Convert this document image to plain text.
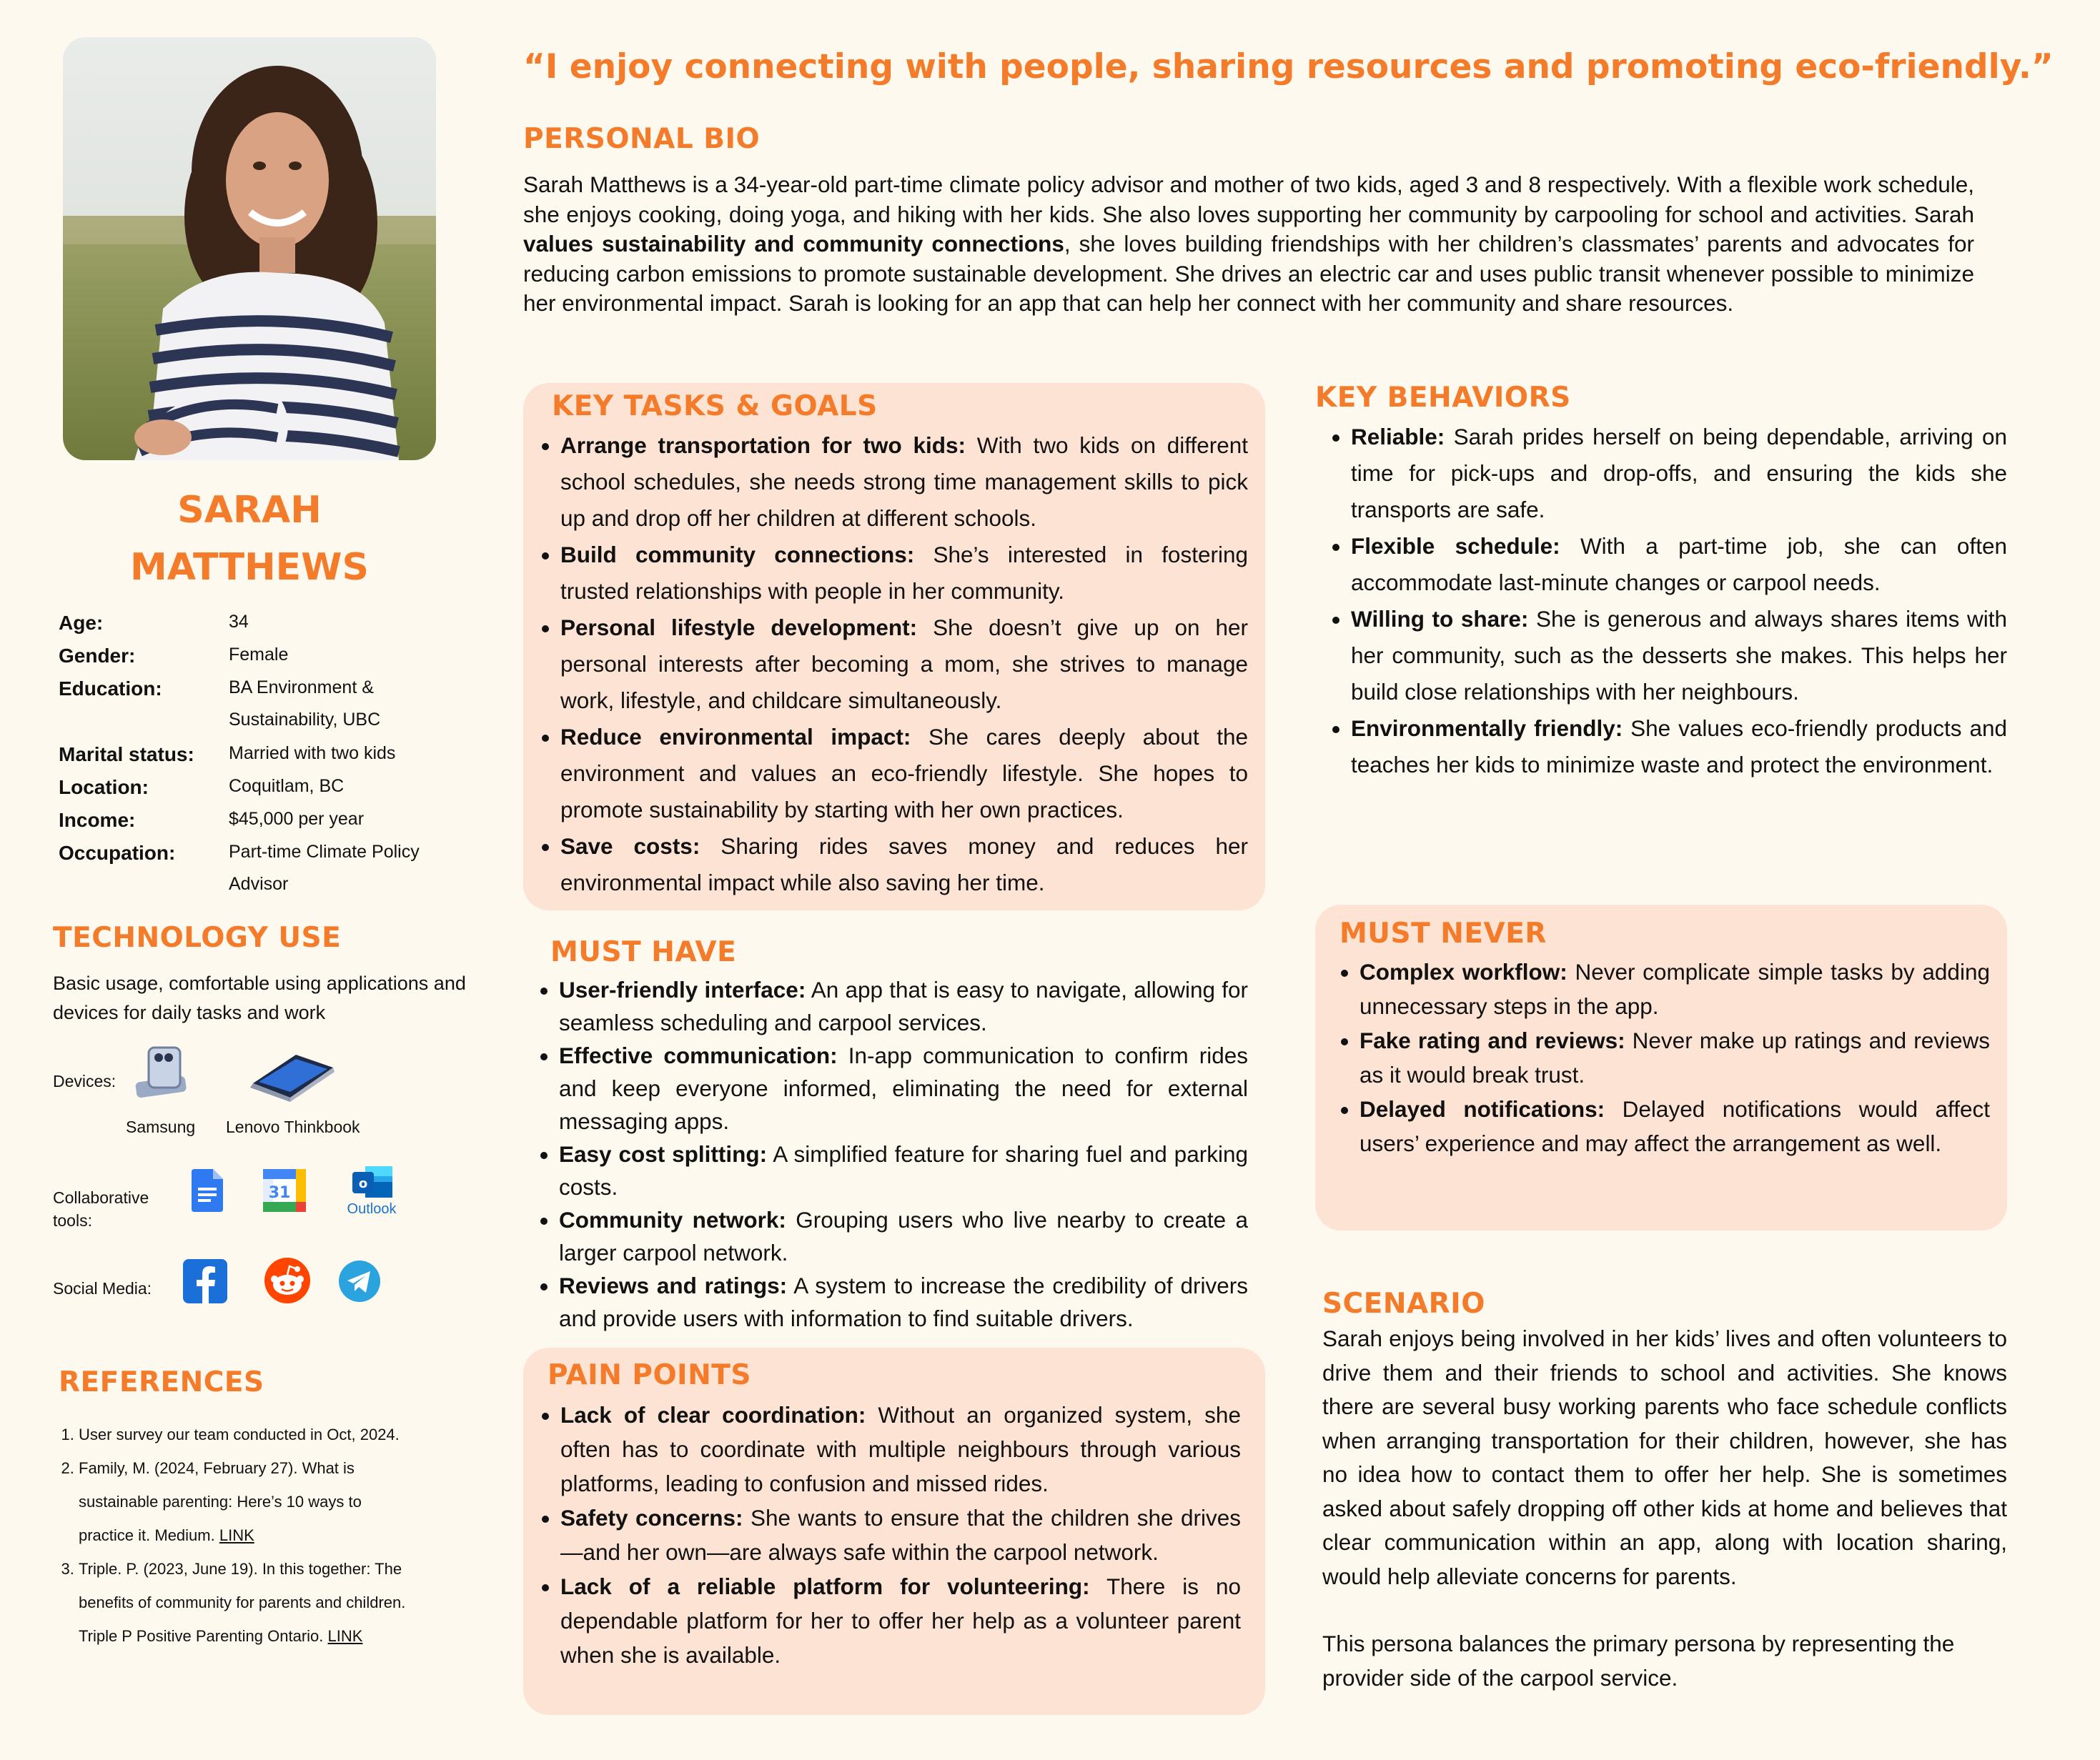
SARAH
MATTHEWS
Age:	34
Gender:	Female
Education:	BA Environment & Sustainability, UBC
Marital status:	Married with two kids
Location:	Coquitlam, BC
Income:	$45,000 per year
Occupation:	Part-time Climate Policy Advisor
TECHNOLOGY USE
Basic usage, comfortable using applications and devices for daily tasks and work
Devices:
Samsung Lenovo Thinkbook
Collaborative tools:
31
o
Outlook
Social Media:
REFERENCES
1. User survey our team conducted in Oct, 2024.
2. Family, M. (2024, February 27). What is sustainable parenting: Here’s 10 ways to practice it. Medium. LINK
3. Triple. P. (2023, June 19). In this together: The benefits of community for parents and children. Triple P Positive Parenting Ontario. LINK
“I enjoy connecting with people, sharing resources and promoting eco-friendly.”
PERSONAL BIO
Sarah Matthews is a 34-year-old part-time climate policy advisor and mother of two kids, aged 3 and 8 respectively. With a flexible work schedule, she enjoys cooking, doing yoga, and hiking with her kids. She also loves supporting her community by carpooling for school and activities. Sarah values sustainability and community connections, she loves building friendships with her children’s classmates’ parents and advocates for reducing carbon emissions to promote sustainable development. She drives an electric car and uses public transit whenever possible to minimize her environmental impact. Sarah is looking for an app that can help her connect with her community and share resources.
KEY TASKS & GOALS
• Arrange transportation for two kids: With two kids on different school schedules, she needs strong time management skills to pick up and drop off her children at different schools.
• Build community connections: She’s interested in fostering trusted relationships with people in her community.
• Personal lifestyle development: She doesn’t give up on her personal interests after becoming a mom, she strives to manage work, lifestyle, and childcare simultaneously.
• Reduce environmental impact: She cares deeply about the environment and values an eco-friendly lifestyle. She hopes to promote sustainability by starting with her own practices.
• Save costs: Sharing rides saves money and reduces her environmental impact while also saving her time.
MUST HAVE
• User-friendly interface: An app that is easy to navigate, allowing for seamless scheduling and carpool services.
• Effective communication: In-app communication to confirm rides and keep everyone informed, eliminating the need for external messaging apps.
• Easy cost splitting: A simplified feature for sharing fuel and parking costs.
• Community network: Grouping users who live nearby to create a larger carpool network.
• Reviews and ratings: A system to increase the credibility of drivers and provide users with information to find suitable drivers.
PAIN POINTS
• Lack of clear coordination: Without an organized system, she often has to coordinate with multiple neighbours through various platforms, leading to confusion and missed rides.
• Safety concerns: She wants to ensure that the children she drives—and her own—are always safe within the carpool network.
• Lack of a reliable platform for volunteering: There is no dependable platform for her to offer her help as a volunteer parent when she is available.
KEY BEHAVIORS
• Reliable: Sarah prides herself on being dependable, arriving on time for pick-ups and drop-offs, and ensuring the kids she transports are safe.
• Flexible schedule: With a part-time job, she can often accommodate last-minute changes or carpool needs.
• Willing to share: She is generous and always shares items with her community, such as the desserts she makes. This helps her build close relationships with her neighbours.
• Environmentally friendly: She values eco-friendly products and teaches her kids to minimize waste and protect the environment.
MUST NEVER
• Complex workflow: Never complicate simple tasks by adding unnecessary steps in the app.
• Fake rating and reviews: Never make up ratings and reviews as it would break trust.
• Delayed notifications: Delayed notifications would affect users’ experience and may affect the arrangement as well.
SCENARIO
Sarah enjoys being involved in her kids’ lives and often volunteers to drive them and their friends to school and activities. She knows there are several busy working parents who face schedule conflicts when arranging transportation for their children, however, she has no idea how to contact them to offer her help. She is sometimes asked about safely dropping off other kids at home and believes that clear communication within an app, along with location sharing, would help alleviate concerns for parents.
This persona balances the primary persona by representing the provider side of the carpool service.
